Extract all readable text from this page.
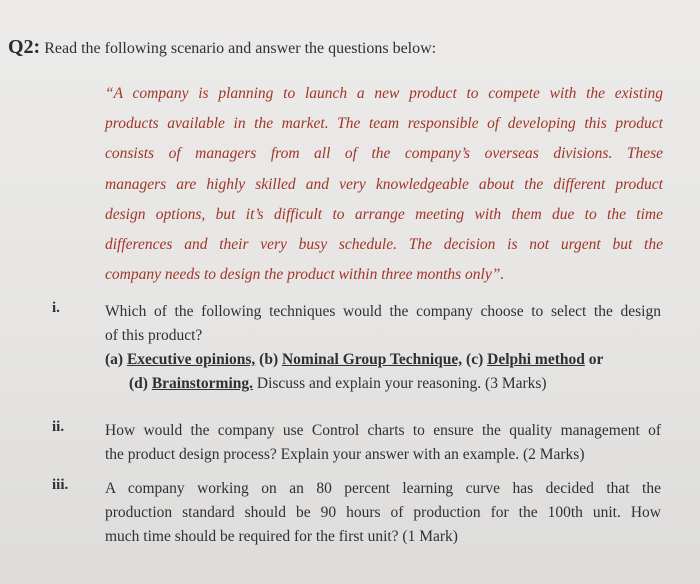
Q2: Read the following scenario and answer the questions below:
“A company is planning to launch a new product to compete with the existing
products available in the market. The team responsible of developing this product
consists of managers from all of the company’s overseas divisions. These
managers are highly skilled and very knowledgeable about the different product
design options, but it’s difficult to arrange meeting with them due to the time
differences and their very busy schedule. The decision is not urgent but the
company needs to design the product within three months only”.
i.	Which of the following techniques would the company choose to select the design
of this product?
(a) Executive opinions, (b) Nominal Group Technique, (c) Delphi method or
(d) Brainstorming. Discuss and explain your reasoning. (3 Marks)
ii.	How would the company use Control charts to ensure the quality management of
the product design process? Explain your answer with an example. (2 Marks)
iii. A company working on an 80 percent learning curve has decided that the
production standard should be 90 hours of production for the 100th unit. How
much time should be required for the first unit? (1 Mark)
